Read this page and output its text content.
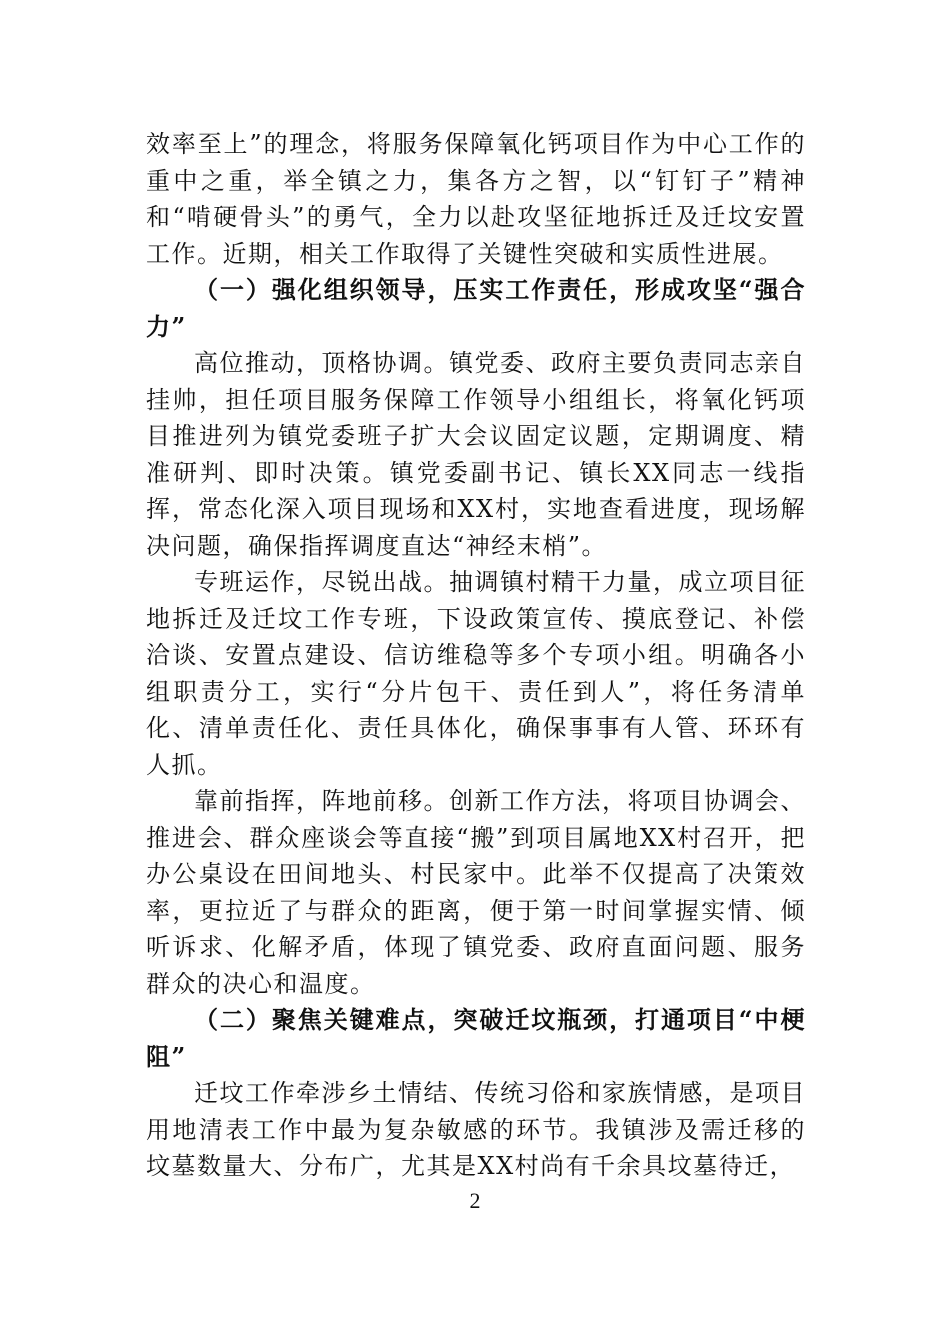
效率至上”的理念，将服务保障氧化钙项目作为中心工作的重中之重，举全镇之力，集各方之智，以“钉钉子”精神和“啃硬骨头”的勇气，全力以赴攻坚征地拆迁及迁坟安置工作。近期，相关工作取得了关键性突破和实质性进展。

（一）强化组织领导，压实工作责任，形成攻坚“强合力”

高位推动，顶格协调。镇党委、政府主要负责同志亲自挂帅，担任项目服务保障工作领导小组组长，将氧化钙项目推进列为镇党委班子扩大会议固定议题，定期调度、精准研判、即时决策。镇党委副书记、镇长XX同志一线指挥，常态化深入项目现场和XX村，实地查看进度，现场解决问题，确保指挥调度直达“神经末梢”。

专班运作，尽锐出战。抽调镇村精干力量，成立项目征地拆迁及迁坟工作专班，下设政策宣传、摸底登记、补偿洽谈、安置点建设、信访维稳等多个专项小组。明确各小组职责分工，实行“分片包干、责任到人”，将任务清单化、清单责任化、责任具体化，确保事事有人管、环环有人抓。

靠前指挥，阵地前移。创新工作方法，将项目协调会、推进会、群众座谈会等直接“搬”到项目属地XX村召开，把办公桌设在田间地头、村民家中。此举不仅提高了决策效率，更拉近了与群众的距离，便于第一时间掌握实情、倾听诉求、化解矛盾，体现了镇党委、政府直面问题、服务群众的决心和温度。

（二）聚焦关键难点，突破迁坟瓶颈，打通项目“中梗阻”

迁坟工作牵涉乡土情结、传统习俗和家族情感，是项目用地清表工作中最为复杂敏感的环节。我镇涉及需迁移的坟墓数量大、分布广，尤其是XX村尚有千余具坟墓待迁，

2
